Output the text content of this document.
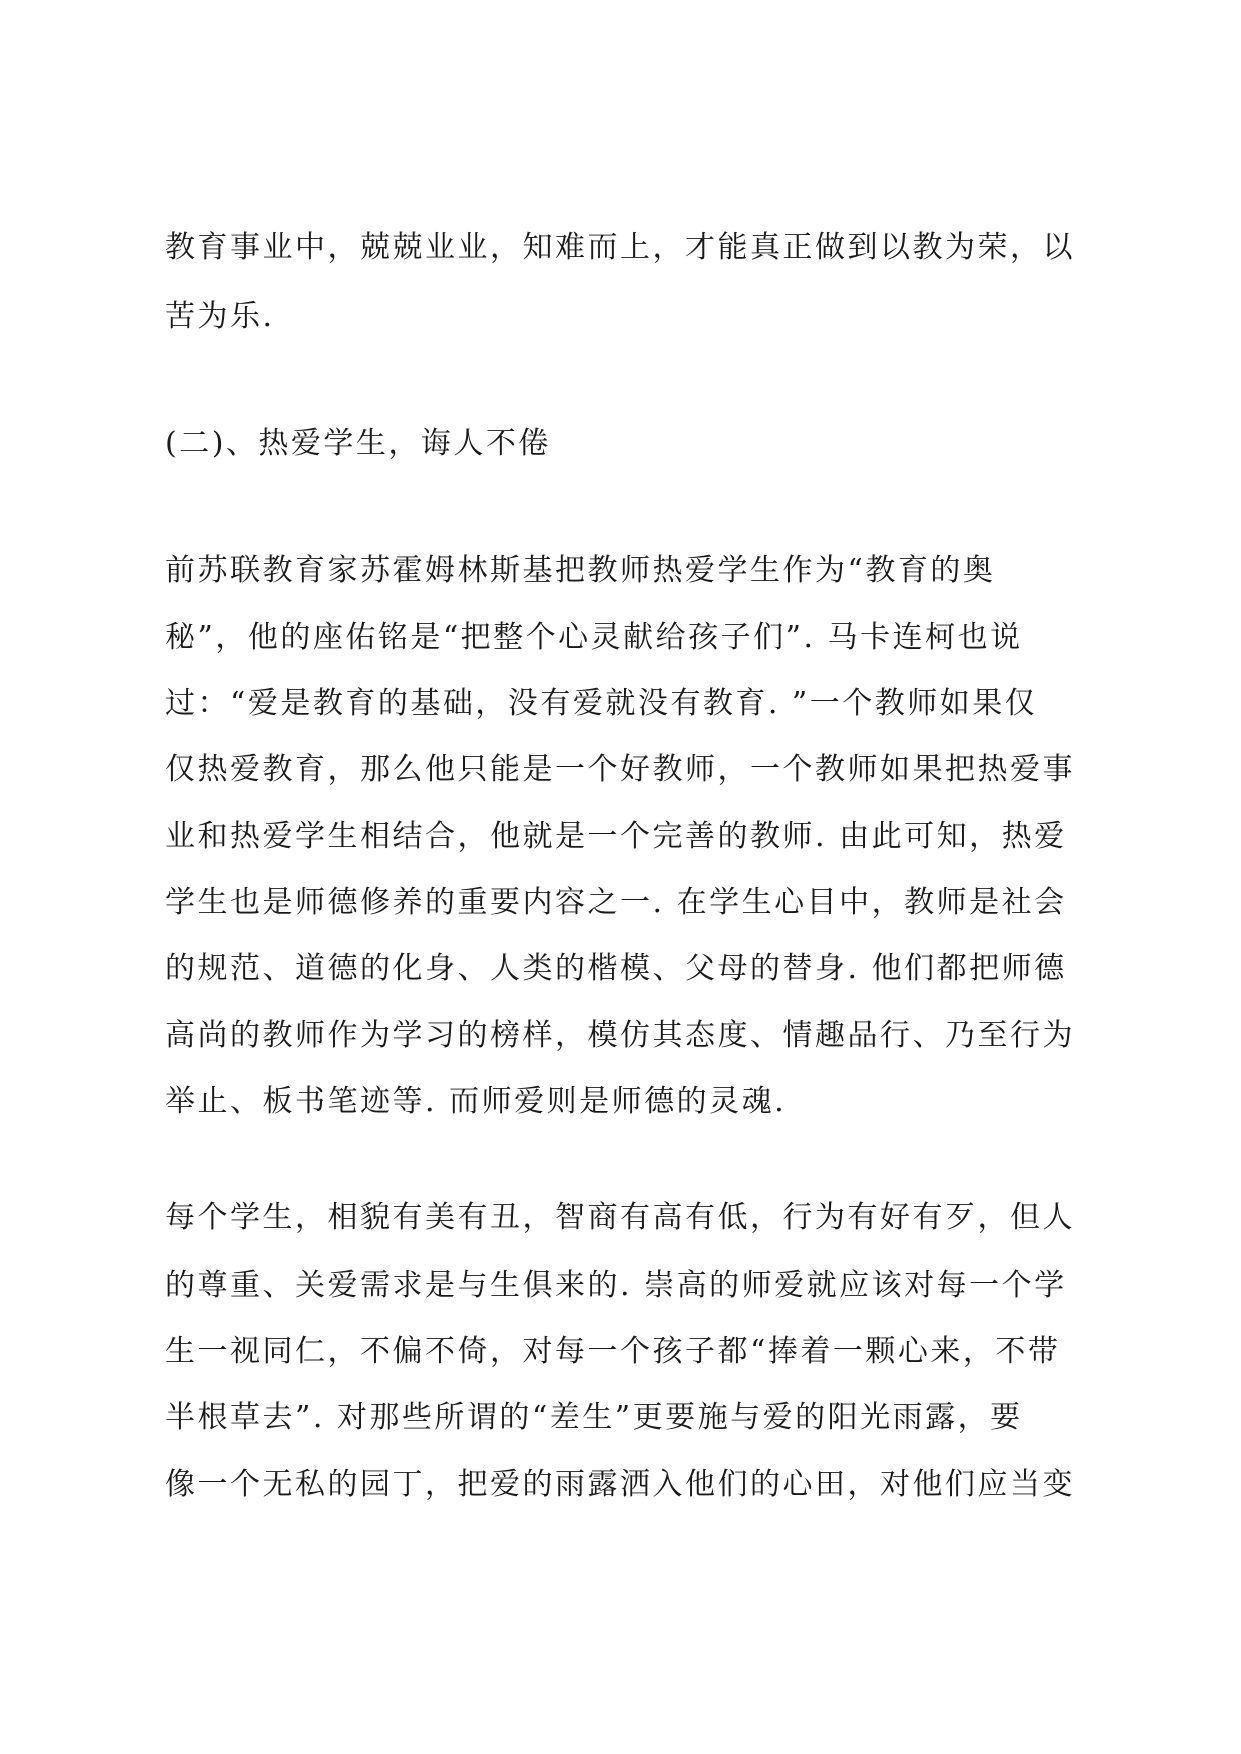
教育事业中，兢兢业业，知难而上，才能真正做到以教为荣，以
苦为乐.
(二)、热爱学生，诲人不倦
前苏联教育家苏霍姆林斯基把教师热爱学生作为“教育的奥
秘”，他的座佑铭是“把整个心灵献给孩子们”. 马卡连柯也说
过：“爱是教育的基础，没有爱就没有教育. ”一个教师如果仅
仅热爱教育，那么他只能是一个好教师，一个教师如果把热爱事
业和热爱学生相结合，他就是一个完善的教师. 由此可知，热爱
学生也是师德修养的重要内容之一. 在学生心目中，教师是社会
的规范、道德的化身、人类的楷模、父母的替身. 他们都把师德
高尚的教师作为学习的榜样，模仿其态度、情趣品行、乃至行为
举止、板书笔迹等. 而师爱则是师德的灵魂.
每个学生，相貌有美有丑，智商有高有低，行为有好有歹，但人
的尊重、关爱需求是与生俱来的. 崇高的师爱就应该对每一个学
生一视同仁，不偏不倚，对每一个孩子都“捧着一颗心来，不带
半根草去”. 对那些所谓的“差生”更要施与爱的阳光雨露，要
像一个无私的园丁，把爱的雨露洒入他们的心田，对他们应当变
